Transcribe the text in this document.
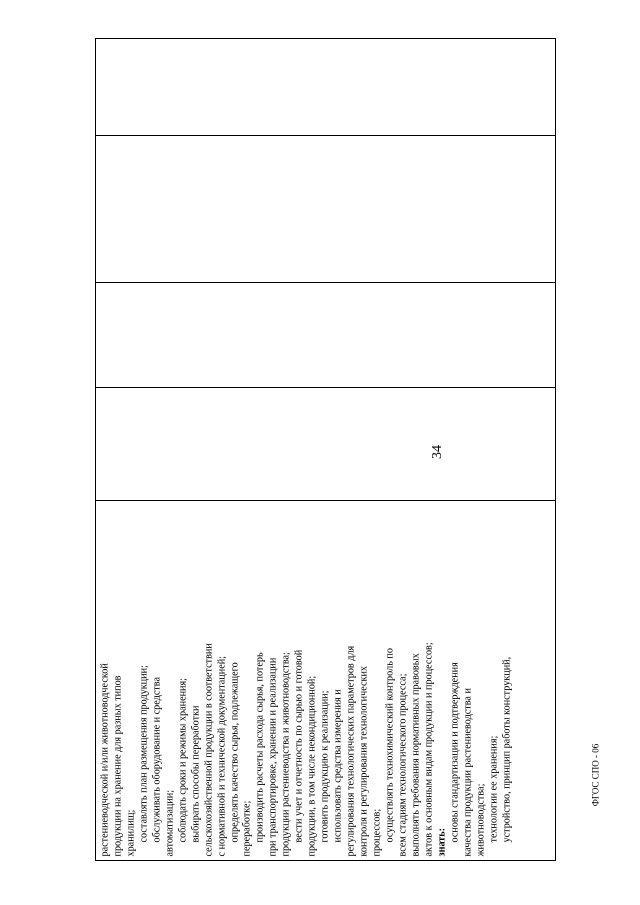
34
растениеводческой и/или животноводческой продукции на хранение для разных типов хранилищ; составлять план размещения продукции; обслуживать оборудование и средства автоматизации; соблюдать сроки и режимы хранения; выбирать способы переработки сельскохозяйственной продукции в соответствии с нормативной и технической документацией; определять качество сырья, подлежащего переработке; производить расчеты расхода сырья, потерь при транспортировке, хранении и реализации продукции растениеводства и животноводства; вести учет и отчетность по сырью и готовой продукции, в том числе некондиционной; готовить продукцию к реализации; использовать средства измерения и регулирования технологических параметров для контроля и регулирования технологических процессов; осуществлять технохимический контроль по всем стадиям технологического процесса; выполнять требования нормативных правовых актов к основным видам продукции и процессов; знать: основы стандартизации и подтверждения качества продукции растениеводства и животноводства; технологии ее хранения; устройство, принцип работы конструкций,	ФГОС СПО - 06
